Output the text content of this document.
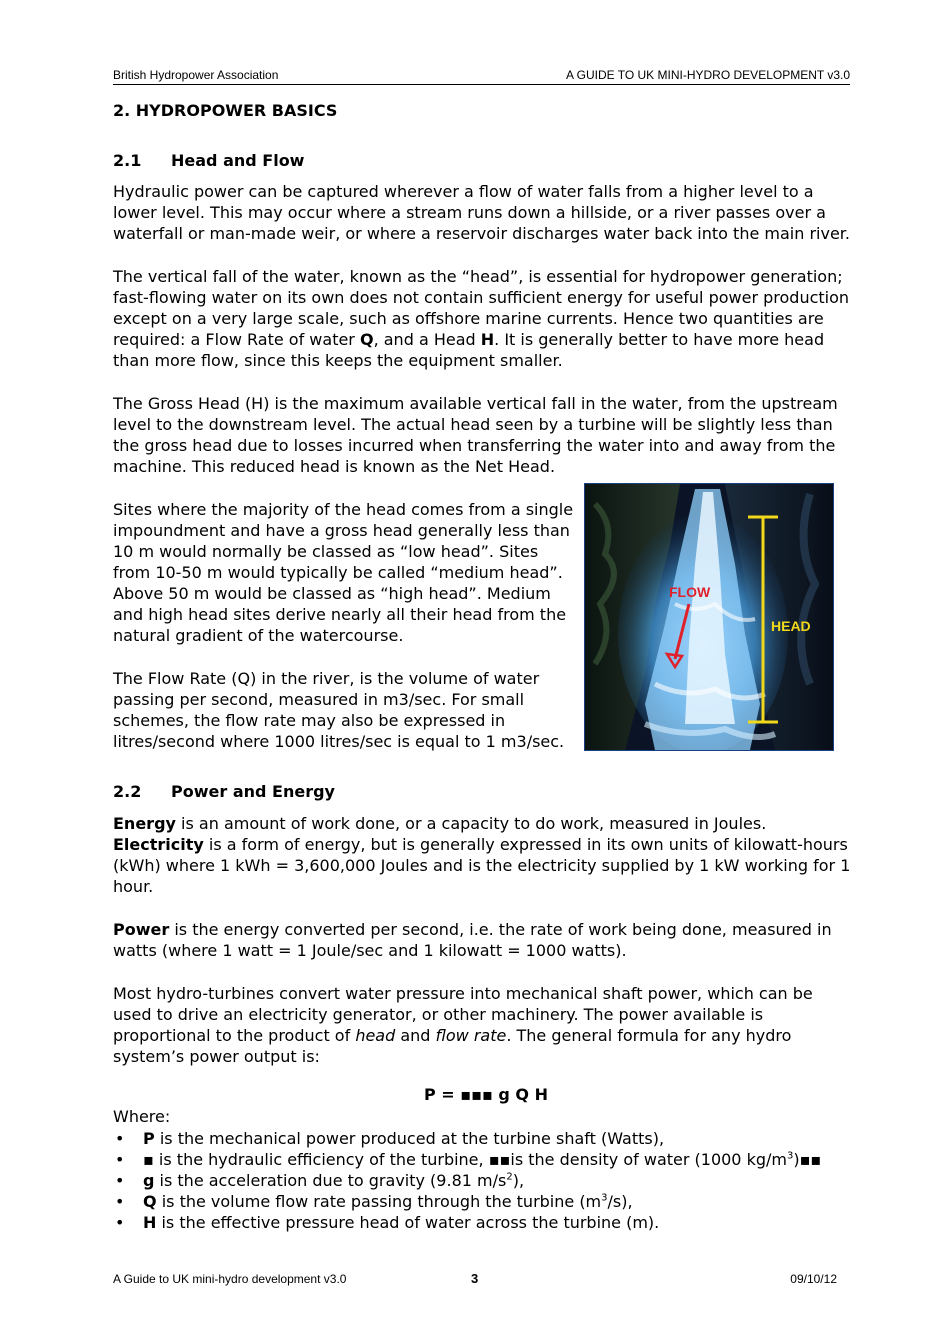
British Hydropower Association	A GUIDE TO UK MINI-HYDRO DEVELOPMENT v3.0
2. HYDROPOWER BASICS
2.1 Head and Flow

Hydraulic power can be captured wherever a flow of water falls from a higher level to a lower level. This may occur where a stream runs down a hillside, or a river passes over a waterfall or man-made weir, or where a reservoir discharges water back into the main river.

The vertical fall of the water, known as the “head”, is essential for hydropower generation; fast-flowing water on its own does not contain sufficient energy for useful power production except on a very large scale, such as offshore marine currents. Hence two quantities are required: a Flow Rate of water Q, and a Head H. It is generally better to have more head than more flow, since this keeps the equipment smaller.

The Gross Head (H) is the maximum available vertical fall in the water, from the upstream level to the downstream level. The actual head seen by a turbine will be slightly less than the gross head due to losses incurred when transferring the water into and away from the machine. This reduced head is known as the Net Head.

Sites where the majority of the head comes from a single impoundment and have a gross head generally less than 10 m would normally be classed as “low head”. Sites from 10-50 m would typically be called “medium head”. Above 50 m would be classed as “high head”. Medium and high head sites derive nearly all their head from the natural gradient of the watercourse.

The Flow Rate (Q) in the river, is the volume of water passing per second, measured in m3/sec. For small schemes, the flow rate may also be expressed in litres/second where 1000 litres/sec is equal to 1 m3/sec.

HEAD
FLOW
2.2 Power and Energy

Energy is an amount of work done, or a capacity to do work, measured in Joules.
Electricity is a form of energy, but is generally expressed in its own units of kilowatt-hours (kWh) where 1 kWh = 3,600,000 Joules and is the electricity supplied by 1 kW working for 1 hour.

Power is the energy converted per second, i.e. the rate of work being done, measured in watts (where 1 watt = 1 Joule/sec and 1 kilowatt = 1000 watts).

Most hydro-turbines convert water pressure into mechanical shaft power, which can be used to drive an electricity generator, or other machinery. The power available is proportional to the product of head and flow rate. The general formula for any hydro system’s power output is:

P = ▪▪▪ g Q H
Where:
• P is the mechanical power produced at the turbine shaft (Watts),
• ▪ is the hydraulic efficiency of the turbine, ▪▪is the density of water (1000 $kg/m^3)▪▪$
• g is the acceleration due to gravity (9.81 $m/s^2$),
• Q is the volume flow rate passing through the turbine $(m^3/s)$,
• H is the effective pressure head of water across the turbine (m).
A Guide to UK mini-hydro development v3.0	3	09/10/12
